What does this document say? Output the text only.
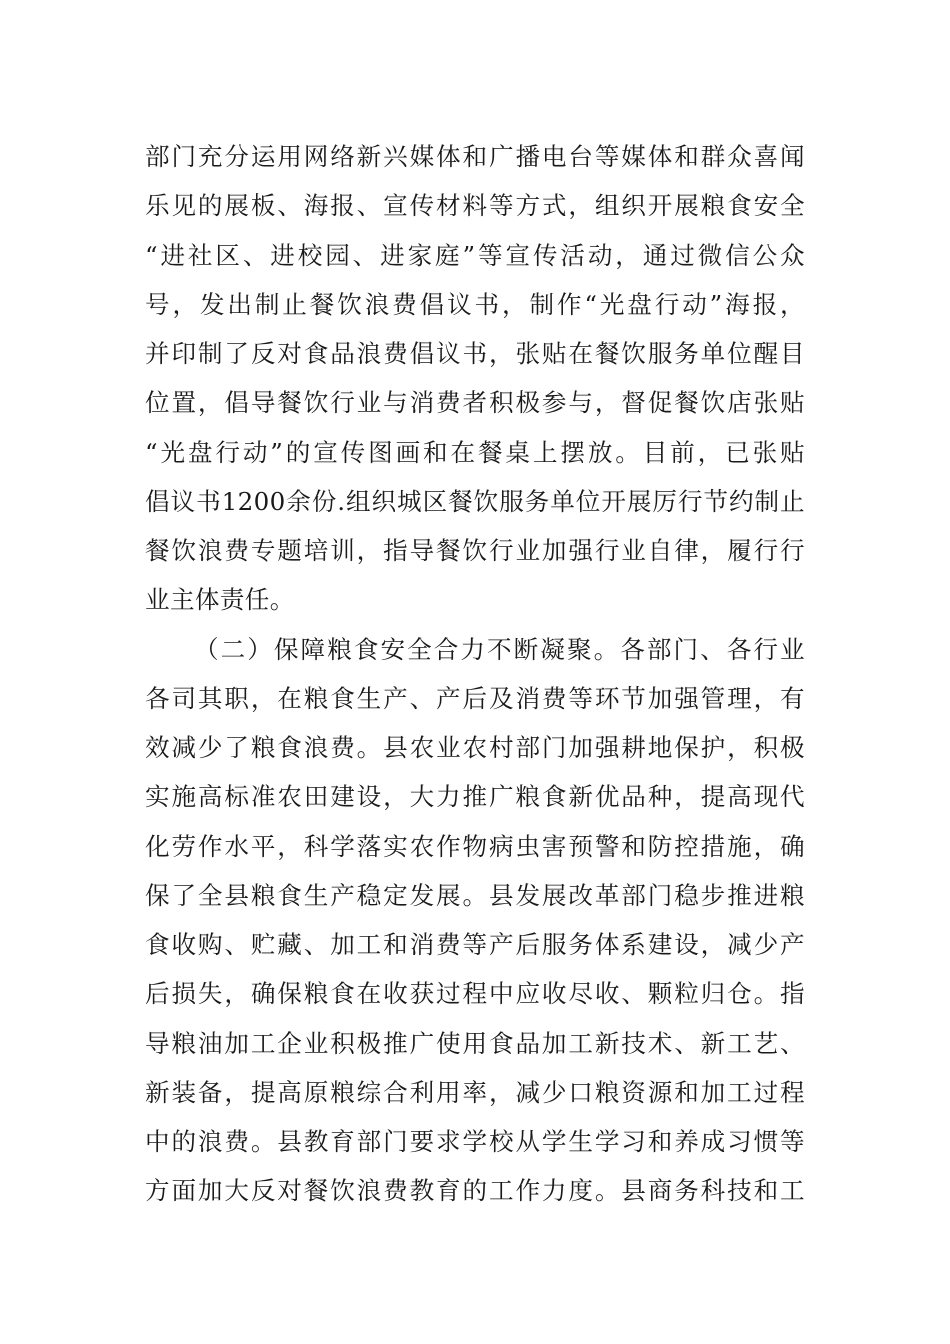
部门充分运用网络新兴媒体和广播电台等媒体和群众喜闻
乐见的展板、海报、宣传材料等方式，组织开展粮食安全
“进社区、进校园、进家庭”等宣传活动，通过微信公众
号，发出制止餐饮浪费倡议书，制作“光盘行动”海报，
并印制了反对食品浪费倡议书，张贴在餐饮服务单位醒目
位置，倡导餐饮行业与消费者积极参与，督促餐饮店张贴
“光盘行动”的宣传图画和在餐桌上摆放。目前，已张贴
倡议书1200余份.组织城区餐饮服务单位开展厉行节约制止
餐饮浪费专题培训，指导餐饮行业加强行业自律，履行行
业主体责任。

（二）保障粮食安全合力不断凝聚。各部门、各行业
各司其职，在粮食生产、产后及消费等环节加强管理，有
效减少了粮食浪费。县农业农村部门加强耕地保护，积极
实施高标准农田建设，大力推广粮食新优品种，提高现代
化劳作水平，科学落实农作物病虫害预警和防控措施，确
保了全县粮食生产稳定发展。县发展改革部门稳步推进粮
食收购、贮藏、加工和消费等产后服务体系建设，减少产
后损失，确保粮食在收获过程中应收尽收、颗粒归仓。指
导粮油加工企业积极推广使用食品加工新技术、新工艺、
新装备，提高原粮综合利用率，减少口粮资源和加工过程
中的浪费。县教育部门要求学校从学生学习和养成习惯等
方面加大反对餐饮浪费教育的工作力度。县商务科技和工
